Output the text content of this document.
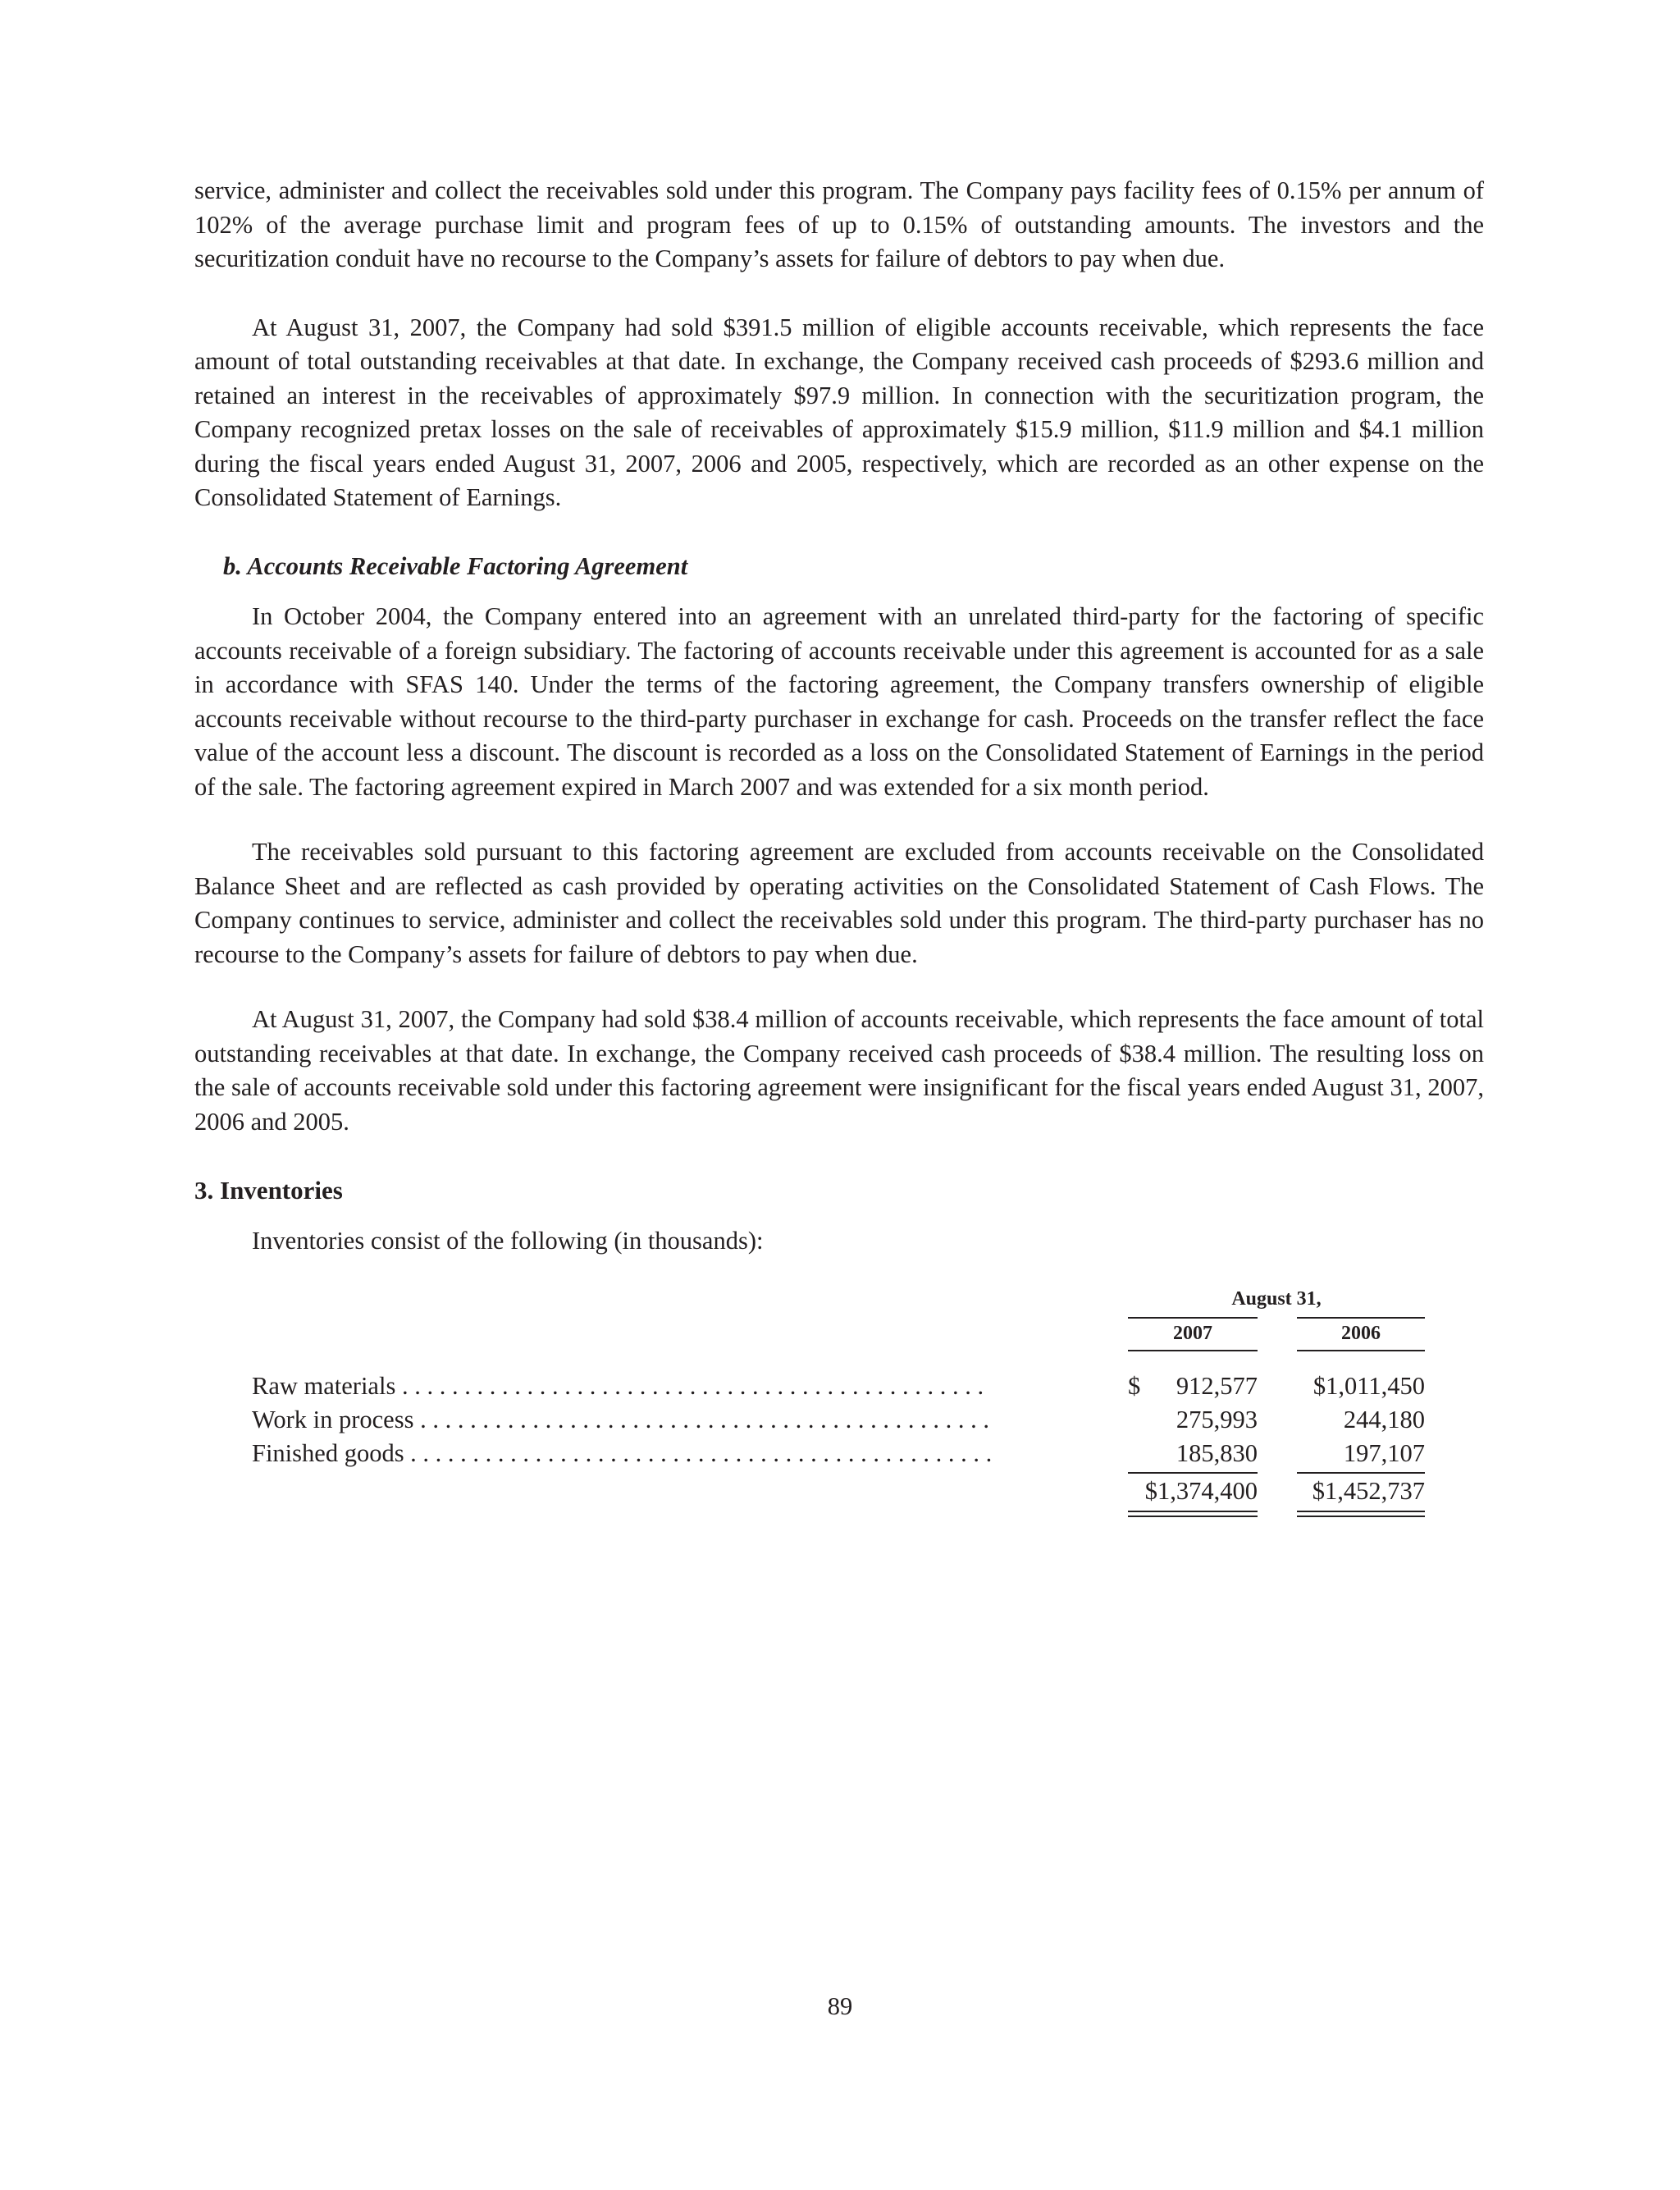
service, administer and collect the receivables sold under this program. The Company pays facility fees of 0.15% per annum of 102% of the average purchase limit and program fees of up to 0.15% of outstanding amounts. The investors and the securitization conduit have no recourse to the Company’s assets for failure of debtors to pay when due.

At August 31, 2007, the Company had sold $391.5 million of eligible accounts receivable, which represents the face amount of total outstanding receivables at that date. In exchange, the Company received cash proceeds of $293.6 million and retained an interest in the receivables of approximately $97.9 million. In connection with the securitization program, the Company recognized pretax losses on the sale of receivables of approximately $15.9 million, $11.9 million and $4.1 million during the fiscal years ended August 31, 2007, 2006 and 2005, respectively, which are recorded as an other expense on the Consolidated Statement of Earnings.

b. Accounts Receivable Factoring Agreement

In October 2004, the Company entered into an agreement with an unrelated third-party for the factoring of specific accounts receivable of a foreign subsidiary. The factoring of accounts receivable under this agreement is accounted for as a sale in accordance with SFAS 140. Under the terms of the factoring agreement, the Company transfers ownership of eligible accounts receivable without recourse to the third-party purchaser in exchange for cash. Proceeds on the transfer reflect the face value of the account less a discount. The discount is recorded as a loss on the Consolidated Statement of Earnings in the period of the sale. The factoring agreement expired in March 2007 and was extended for a six month period.

The receivables sold pursuant to this factoring agreement are excluded from accounts receivable on the Consolidated Balance Sheet and are reflected as cash provided by operating activities on the Consolidated Statement of Cash Flows. The Company continues to service, administer and collect the receivables sold under this program. The third-party purchaser has no recourse to the Company’s assets for failure of debtors to pay when due.

At August 31, 2007, the Company had sold $38.4 million of accounts receivable, which represents the face amount of total outstanding receivables at that date. In exchange, the Company received cash proceeds of $38.4 million. The resulting loss on the sale of accounts receivable sold under this factoring agreement were insignificant for the fiscal years ended August 31, 2007, 2006 and 2005.

3. Inventories

Inventories consist of the following (in thousands):

August 31,
2007	2006
Raw materials . . . . . . . . . . . . . . . . . . . . . . . . . . . . . . . . . . . . . . . . . . . . . . .	$	912,577	$1,011,450
Work in process . . . . . . . . . . . . . . . . . . . . . . . . . . . . . . . . . . . . . . . . . . . . . .	275,993	244,180
Finished goods . . . . . . . . . . . . . . . . . . . . . . . . . . . . . . . . . . . . . . . . . . . . . . .	185,830	197,107
$1,374,400	$1,452,737
89
